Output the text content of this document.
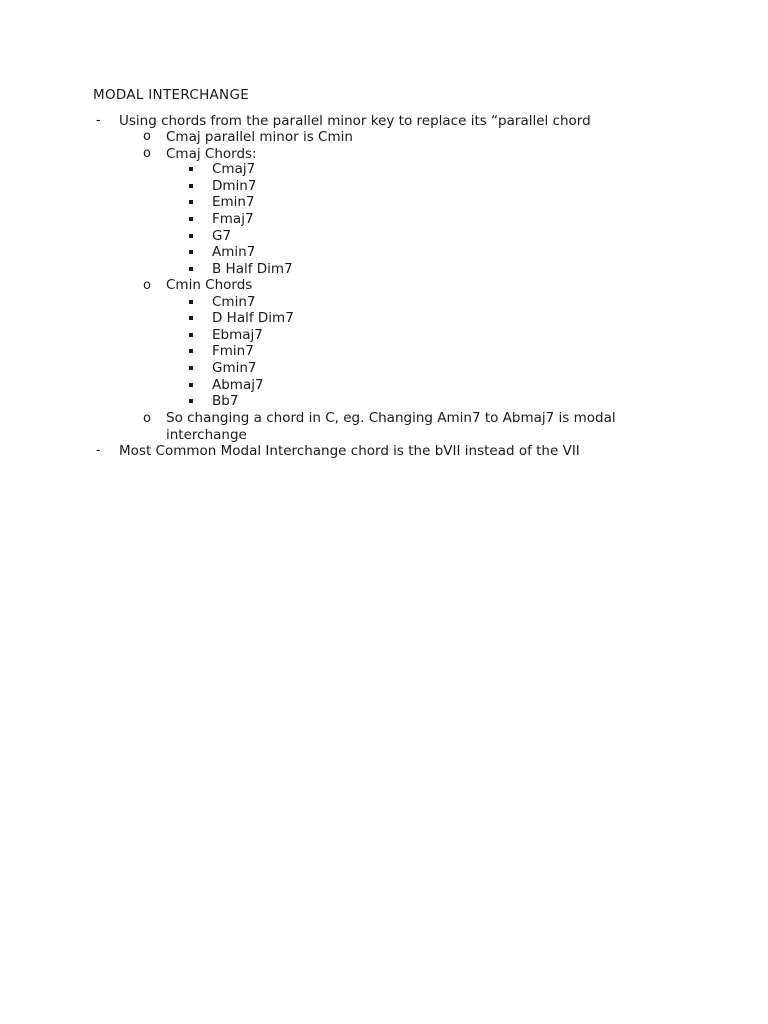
MODAL INTERCHANGE
- Using chords from the parallel minor key to replace its “parallel chord
o Cmaj parallel minor is Cmin
o Cmaj Chords:
Cmaj7
Dmin7
Emin7
Fmaj7
G7
Amin7
B Half Dim7
o Cmin Chords
Cmin7
D Half Dim7
Ebmaj7
Fmin7
Gmin7
Abmaj7
Bb7
o So changing a chord in C, eg. Changing Amin7 to Abmaj7 is modal
interchange
- Most Common Modal Interchange chord is the bVII instead of the VII
